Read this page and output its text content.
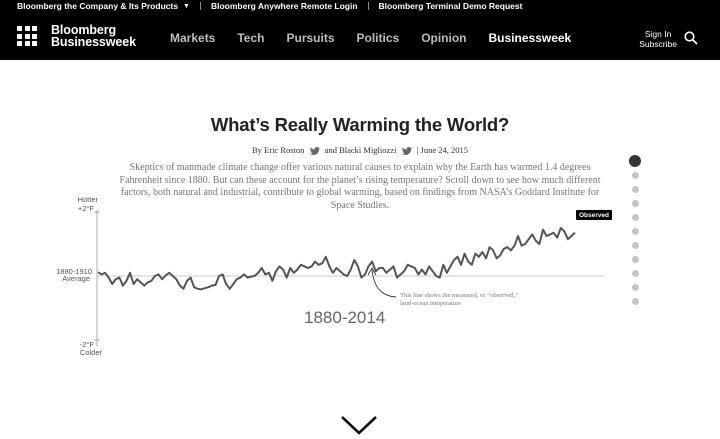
Bloomberg the Company & Its Products ▼ Bloomberg Anywhere Remote Login Bloomberg Terminal Demo Request
Bloomberg
Businessweek	Markets Tech Pursuits Politics Opinion Businessweek	Sign In
Subscribe
What’s Really Warming the World?
By Eric Roston and Blacki Migliozzi | June 24, 2015

Skeptics of manmade climate change offer various natural causes to explain why the Earth has warmed 1.4 degrees Fahrenheit since 1880. But can these account for the planet’s rising temperature? Scroll down to see how much different factors, both natural and industrial, contribute to global warming, based on findings from NASA’s Goddard Institute for Space Studies.

Hotter
+2°F
1880-1910
Average
-2°F
Colder
1880-2014
Observed
This line shows the measured, or “observed,” land-ocean temperature
